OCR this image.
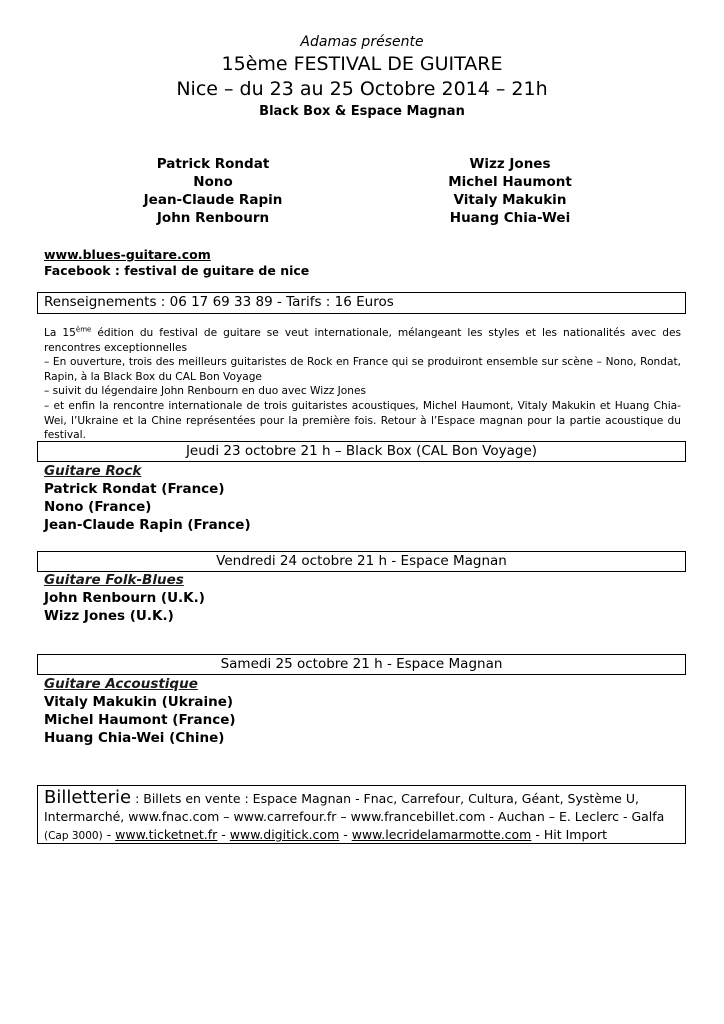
Adamas présente
15ème FESTIVAL DE GUITARE
Nice – du 23 au 25 Octobre 2014 – 21h
Black Box & Espace Magnan
Patrick Rondat
Nono
Jean-Claude Rapin
John Renbourn
Wizz Jones
Michel Haumont
Vitaly Makukin
Huang Chia-Wei
www.blues-guitare.com
Facebook : festival de guitare de nice
Renseignements : 06 17 69 33 89 - Tarifs : 16 Euros

La 15ème édition du festival de guitare se veut internationale, mélangeant les styles et les nationalités avec des rencontres exceptionnelles

– En ouverture, trois des meilleurs guitaristes de Rock en France qui se produiront ensemble sur scène – Nono, Rondat, Rapin, à la Black Box du CAL Bon Voyage

– suivit du légendaire John Renbourn en duo avec Wizz Jones

– et enfin la rencontre internationale de trois guitaristes acoustiques, Michel Haumont, Vitaly Makukin et Huang Chia-Wei, l’Ukraine et la Chine représentées pour la première fois. Retour à l’Espace magnan pour la partie acoustique du festival.

Jeudi 23 octobre 21 h – Black Box (CAL Bon Voyage)
Guitare Rock
Patrick Rondat (France)
Nono (France)
Jean-Claude Rapin (France)
Vendredi 24 octobre 21 h - Espace Magnan
Guitare Folk-Blues
John Renbourn (U.K.)
Wizz Jones (U.K.)
Samedi 25 octobre 21 h - Espace Magnan
Guitare Accoustique
Vitaly Makukin (Ukraine)
Michel Haumont (France)
Huang Chia-Wei (Chine)
Billetterie : Billets en vente : Espace Magnan - Fnac, Carrefour, Cultura, Géant, Système U,
Intermarché, www.fnac.com – www.carrefour.fr – www.francebillet.com - Auchan – E. Leclerc - Galfa (Cap 3000) - www.ticketnet.fr - www.digitick.com - www.lecridelamarmotte.com - Hit Import
